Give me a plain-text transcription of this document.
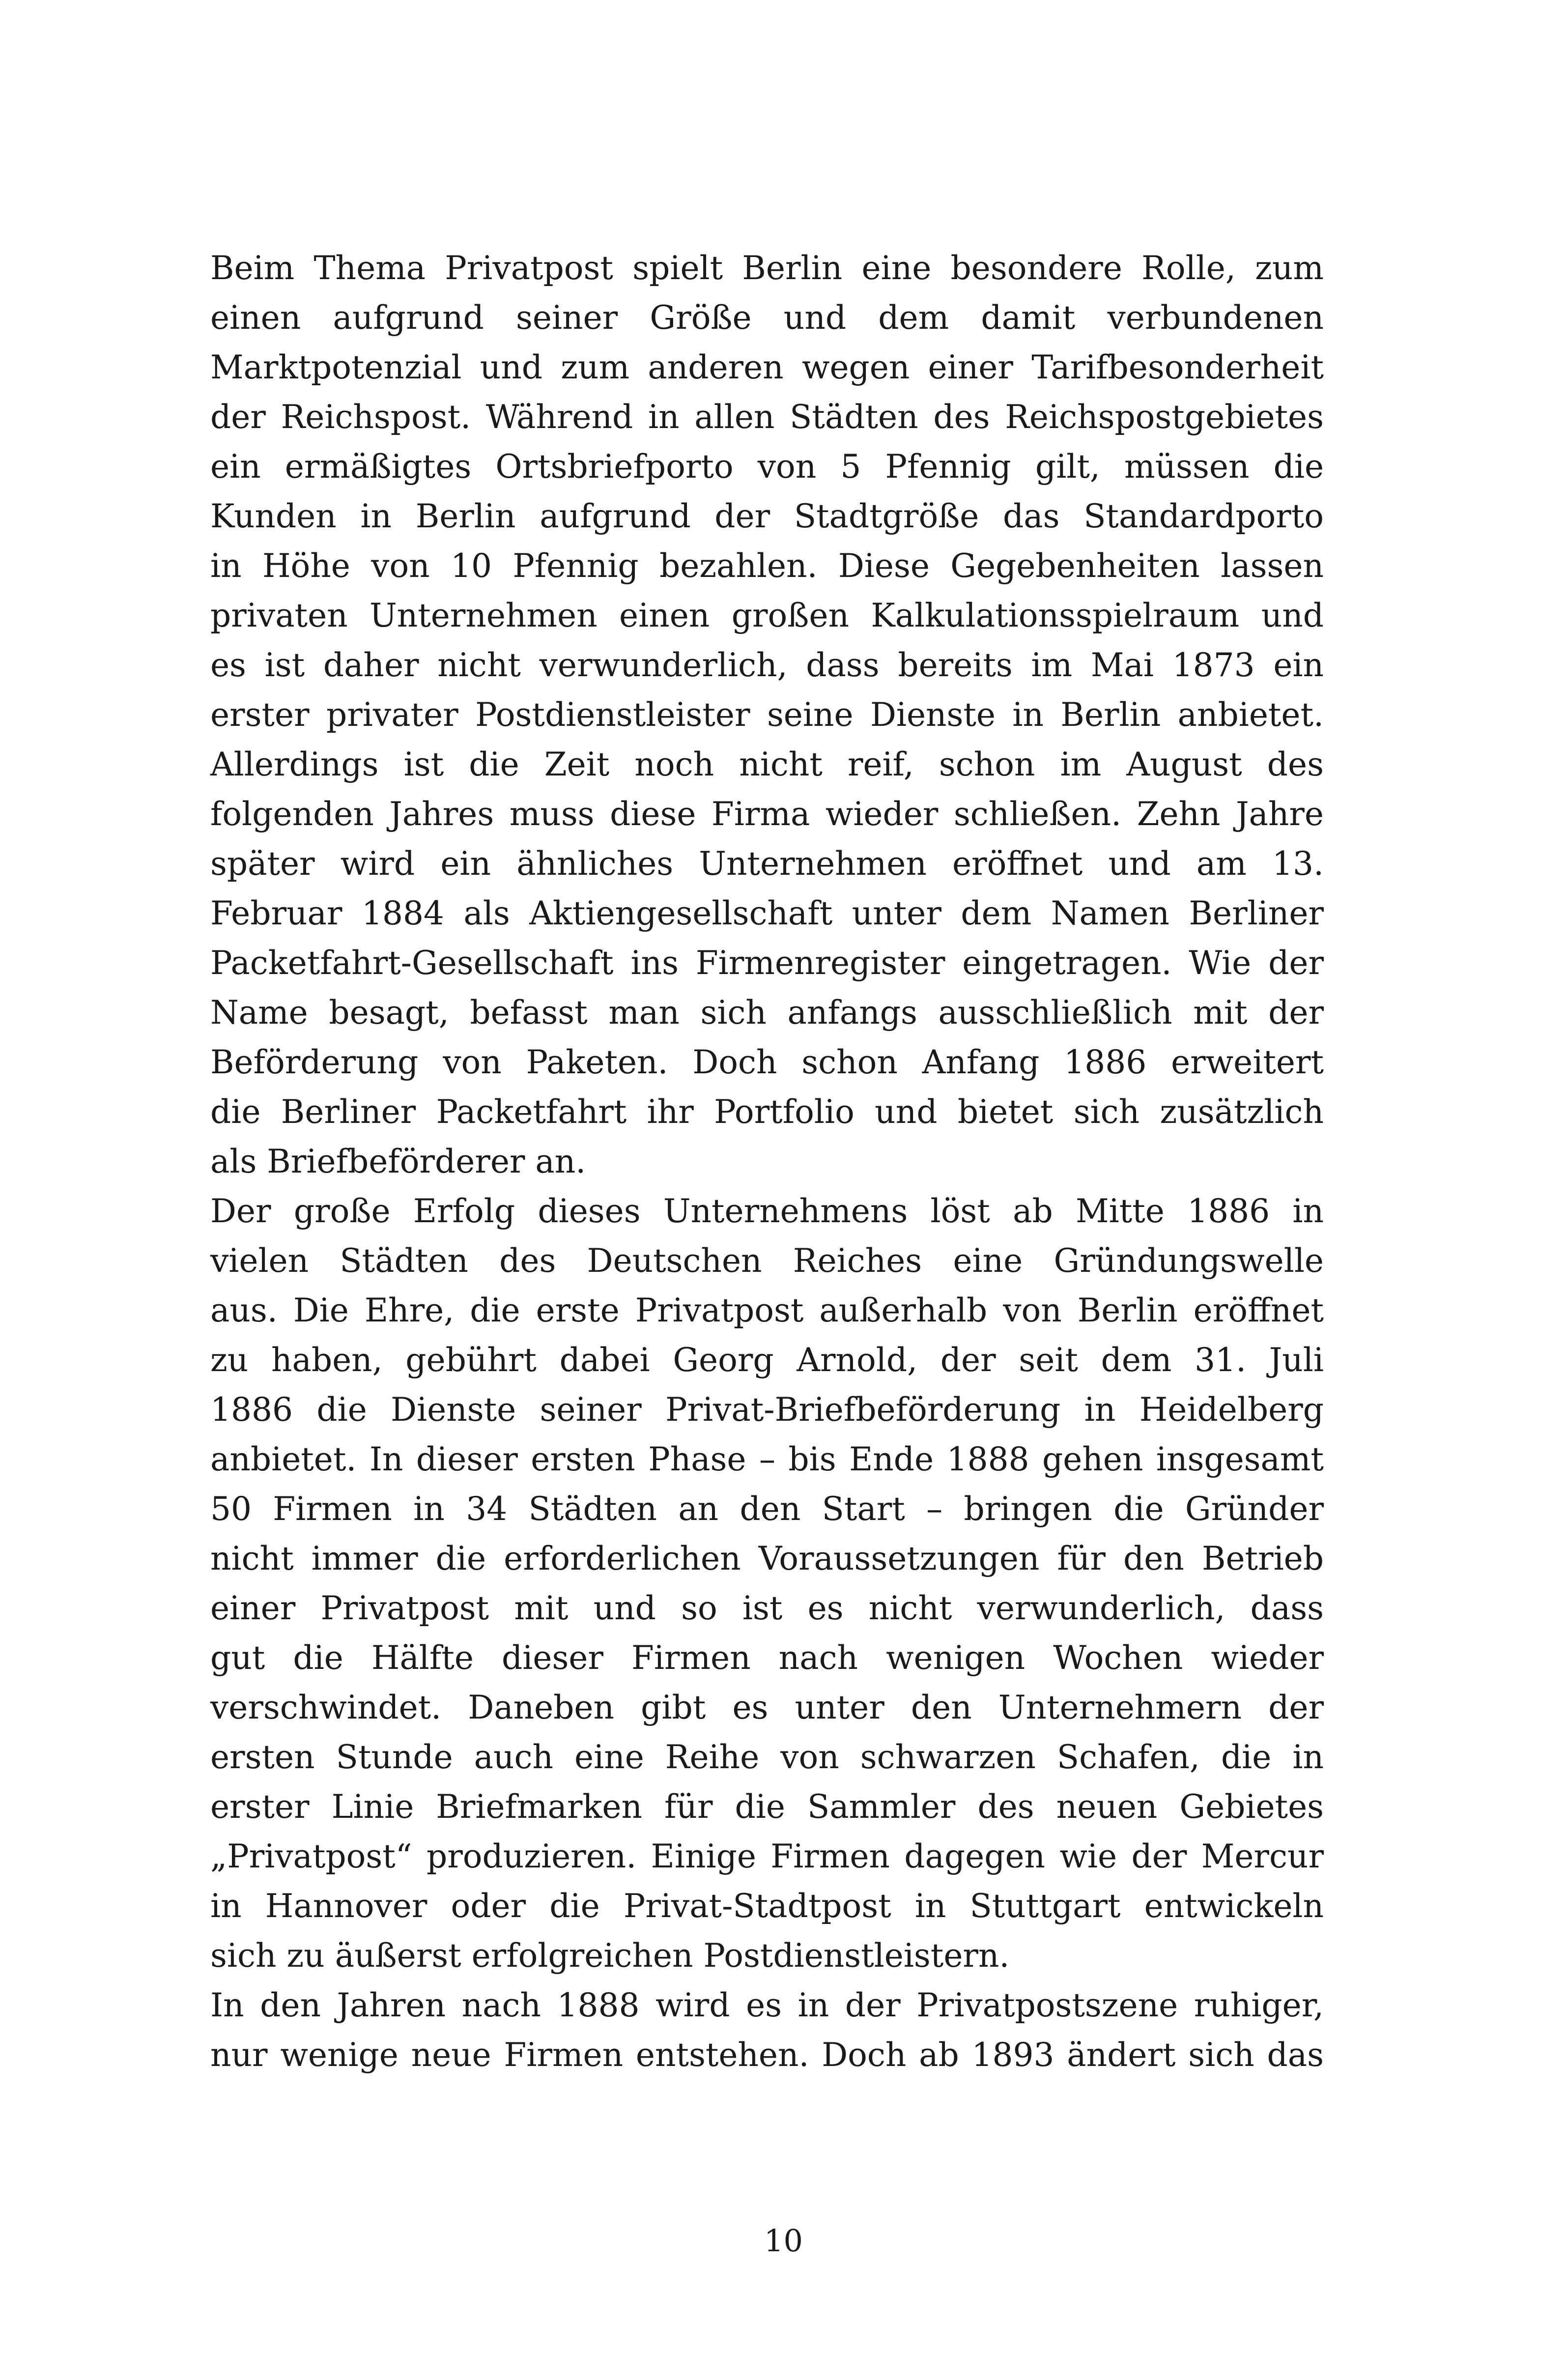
Beim Thema Privatpost spielt Berlin eine besondere Rolle, zum
einen aufgrund seiner Größe und dem damit verbundenen
Marktpotenzial und zum anderen wegen einer Tarifbesonderheit
der Reichspost. Während in allen Städten des Reichspostgebietes
ein ermäßigtes Ortsbriefporto von 5 Pfennig gilt, müssen die
Kunden in Berlin aufgrund der Stadtgröße das Standardporto
in Höhe von 10 Pfennig bezahlen. Diese Gegebenheiten lassen
privaten Unternehmen einen großen Kalkulationsspielraum und
es ist daher nicht verwunderlich, dass bereits im Mai 1873 ein
erster privater Postdienstleister seine Dienste in Berlin anbietet.
Allerdings ist die Zeit noch nicht reif, schon im August des
folgenden Jahres muss diese Firma wieder schließen. Zehn Jahre
später wird ein ähnliches Unternehmen eröffnet und am 13.
Februar 1884 als Aktiengesellschaft unter dem Namen Berliner
Packetfahrt-Gesellschaft ins Firmenregister eingetragen. Wie der
Name besagt, befasst man sich anfangs ausschließlich mit der
Beförderung von Paketen. Doch schon Anfang 1886 erweitert
die Berliner Packetfahrt ihr Portfolio und bietet sich zusätzlich
als Briefbeförderer an.
Der große Erfolg dieses Unternehmens löst ab Mitte 1886 in
vielen Städten des Deutschen Reiches eine Gründungswelle
aus. Die Ehre, die erste Privatpost außerhalb von Berlin eröffnet
zu haben, gebührt dabei Georg Arnold, der seit dem 31. Juli
1886 die Dienste seiner Privat-Briefbeförderung in Heidelberg
anbietet. In dieser ersten Phase – bis Ende 1888 gehen insgesamt
50 Firmen in 34 Städten an den Start – bringen die Gründer
nicht immer die erforderlichen Voraussetzungen für den Betrieb
einer Privatpost mit und so ist es nicht verwunderlich, dass
gut die Hälfte dieser Firmen nach wenigen Wochen wieder
verschwindet. Daneben gibt es unter den Unternehmern der
ersten Stunde auch eine Reihe von schwarzen Schafen, die in
erster Linie Briefmarken für die Sammler des neuen Gebietes
„Privatpost“ produzieren. Einige Firmen dagegen wie der Mercur
in Hannover oder die Privat-Stadtpost in Stuttgart entwickeln
sich zu äußerst erfolgreichen Postdienstleistern.
In den Jahren nach 1888 wird es in der Privatpostszene ruhiger,
nur wenige neue Firmen entstehen. Doch ab 1893 ändert sich das
10
